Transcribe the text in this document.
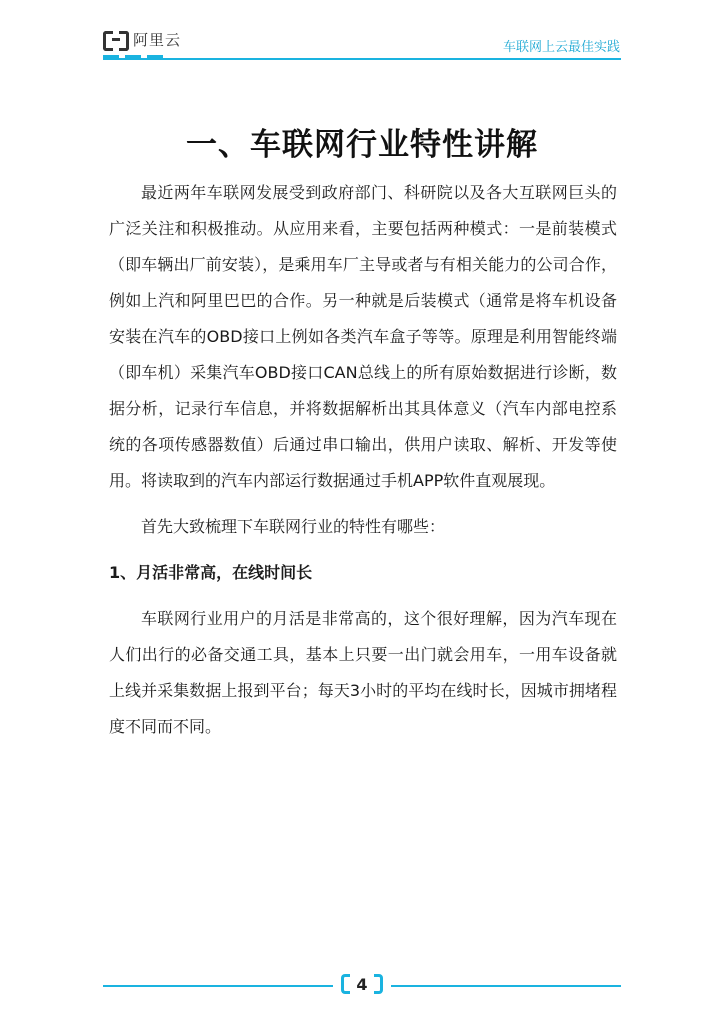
阿里云	车联网上云最佳实践
一、车联网行业特性讲解

最近两年车联网发展受到政府部门、科研院以及各大互联网巨头的广泛关注和积极推动。从应用来看，主要包括两种模式：一是前装模式（即车辆出厂前安装），是乘用车厂主导或者与有相关能力的公司合作，例如上汽和阿里巴巴的合作。另一种就是后装模式（通常是将车机设备安装在汽车的OBD接口上例如各类汽车盒子等等。原理是利用智能终端（即车机）采集汽车OBD接口CAN总线上的所有原始数据进行诊断，数据分析，记录行车信息，并将数据解析出其具体意义（汽车内部电控系统的各项传感器数值）后通过串口输出，供用户读取、解析、开发等使用。将读取到的汽车内部运行数据通过手机APP软件直观展现。

首先大致梳理下车联网行业的特性有哪些：

1、月活非常高，在线时间长

车联网行业用户的月活是非常高的，这个很好理解，因为汽车现在人们出行的必备交通工具，基本上只要一出门就会用车，一用车设备就上线并采集数据上报到平台；每天3小时的平均在线时长，因城市拥堵程度不同而不同。

4
